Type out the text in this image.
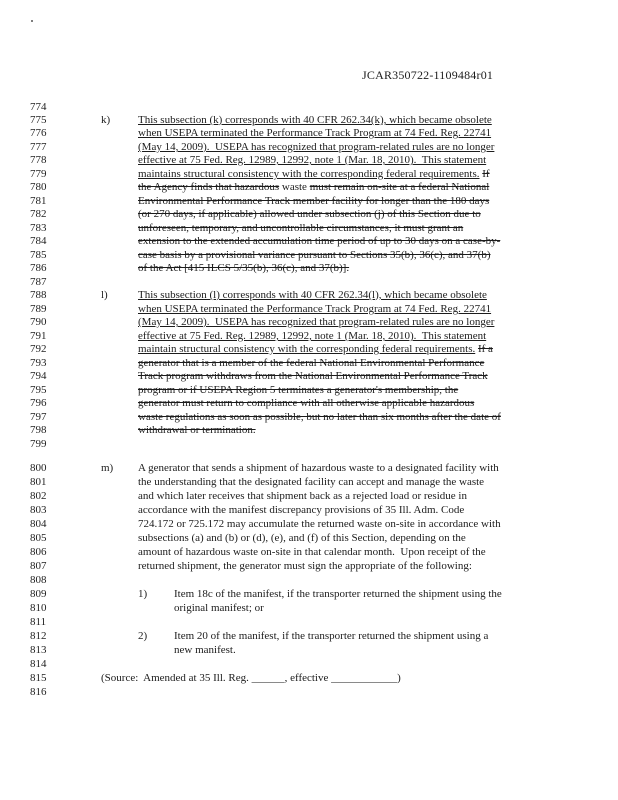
JCAR350722-1109484r01
774
775
776
777
778
779
780
781
782
783
784
785
786
787
788
789
790
791
792
793
794
795
796
797
798
799
800
801
802
803
804
805
806
807
808
809
810
811
812
813
814
815
816
k)	This subsection (k) corresponds with 40 CFR 262.34(k), which became obsolete
when USEPA terminated the Performance Track Program at 74 Fed. Reg. 22741
(May 14, 2009).  USEPA has recognized that program-related rules are no longer
effective at 75 Fed. Reg. 12989, 12992, note 1 (Mar. 18, 2010).  This statement
maintains structural consistency with the corresponding federal requirements. If
the Agency finds that hazardous waste must remain on-site at a federal National
Environmental Performance Track member facility for longer than the 180 days
(or 270 days, if applicable) allowed under subsection (j) of this Section due to
unforeseen, temporary, and uncontrollable circumstances, it must grant an
extension to the extended accumulation time period of up to 30 days on a case-by-
case basis by a provisional variance pursuant to Sections 35(b), 36(c), and 37(b)
of the Act [415 ILCS 5/35(b), 36(c), and 37(b)].
l)	This subsection (l) corresponds with 40 CFR 262.34(l), which became obsolete
when USEPA terminated the Performance Track Program at 74 Fed. Reg. 22741
(May 14, 2009).  USEPA has recognized that program-related rules are no longer
effective at 75 Fed. Reg. 12989, 12992, note 1 (Mar. 18, 2010).  This statement
maintain structural consistency with the corresponding federal requirements. If a
generator that is a member of the federal National Environmental Performance
Track program withdraws from the National Environmental Performance Track
program or if USEPA Region 5 terminates a generator's membership, the
generator must return to compliance with all otherwise applicable hazardous
waste regulations as soon as possible, but no later than six months after the date of
withdrawal or termination.
m) A generator that sends a shipment of hazardous waste to a designated facility with
the understanding that the designated facility can accept and manage the waste
and which later receives that shipment back as a rejected load or residue in
accordance with the manifest discrepancy provisions of 35 Ill. Adm. Code
724.172 or 725.172 may accumulate the returned waste on-site in accordance with
subsections (a) and (b) or (d), (e), and (f) of this Section, depending on the
amount of hazardous waste on-site in that calendar month.  Upon receipt of the
returned shipment, the generator must sign the appropriate of the following:
1) Item 18c of the manifest, if the transporter returned the shipment using the
original manifest; or
2) Item 20 of the manifest, if the transporter returned the shipment using a
new manifest.
(Source:  Amended at 35 Ill. Reg. ______, effective ____________)
